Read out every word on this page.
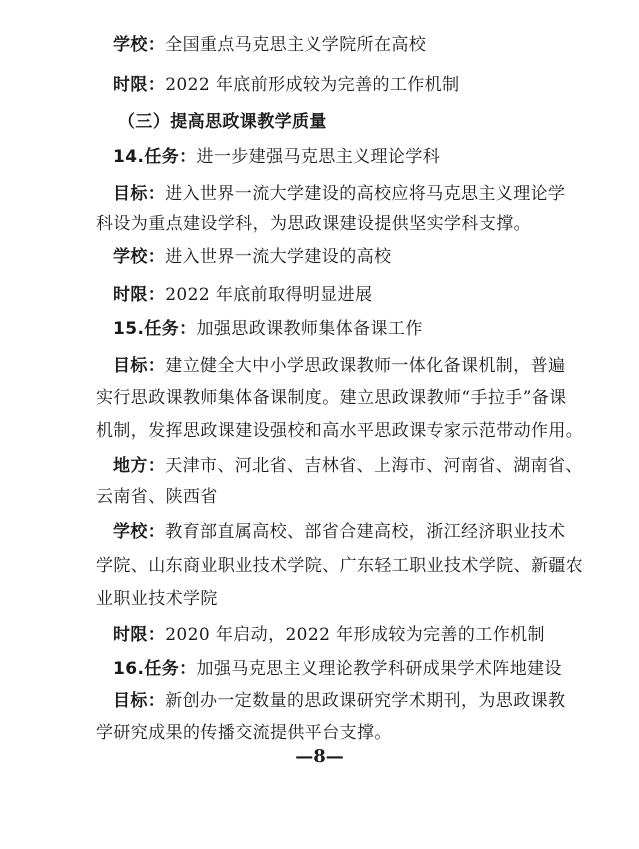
学校：全国重点马克思主义学院所在高校
时限：2022 年底前形成较为完善的工作机制
（三）提高思政课教学质量
14.任务：进一步建强马克思主义理论学科
目标：进入世界一流大学建设的高校应将马克思主义理论学
科设为重点建设学科，为思政课建设提供坚实学科支撑。
学校：进入世界一流大学建设的高校
时限：2022 年底前取得明显进展
15.任务：加强思政课教师集体备课工作
目标：建立健全大中小学思政课教师一体化备课机制，普遍
实行思政课教师集体备课制度。建立思政课教师“手拉手”备课
机制，发挥思政课建设强校和高水平思政课专家示范带动作用。
地方：天津市、河北省、吉林省、上海市、河南省、湖南省、
云南省、陕西省
学校：教育部直属高校、部省合建高校，浙江经济职业技术
学院、山东商业职业技术学院、广东轻工职业技术学院、新疆农
业职业技术学院
时限：2020 年启动，2022 年形成较为完善的工作机制
16.任务：加强马克思主义理论教学科研成果学术阵地建设
目标：新创办一定数量的思政课研究学术期刊，为思政课教
学研究成果的传播交流提供平台支撑。
—8—
